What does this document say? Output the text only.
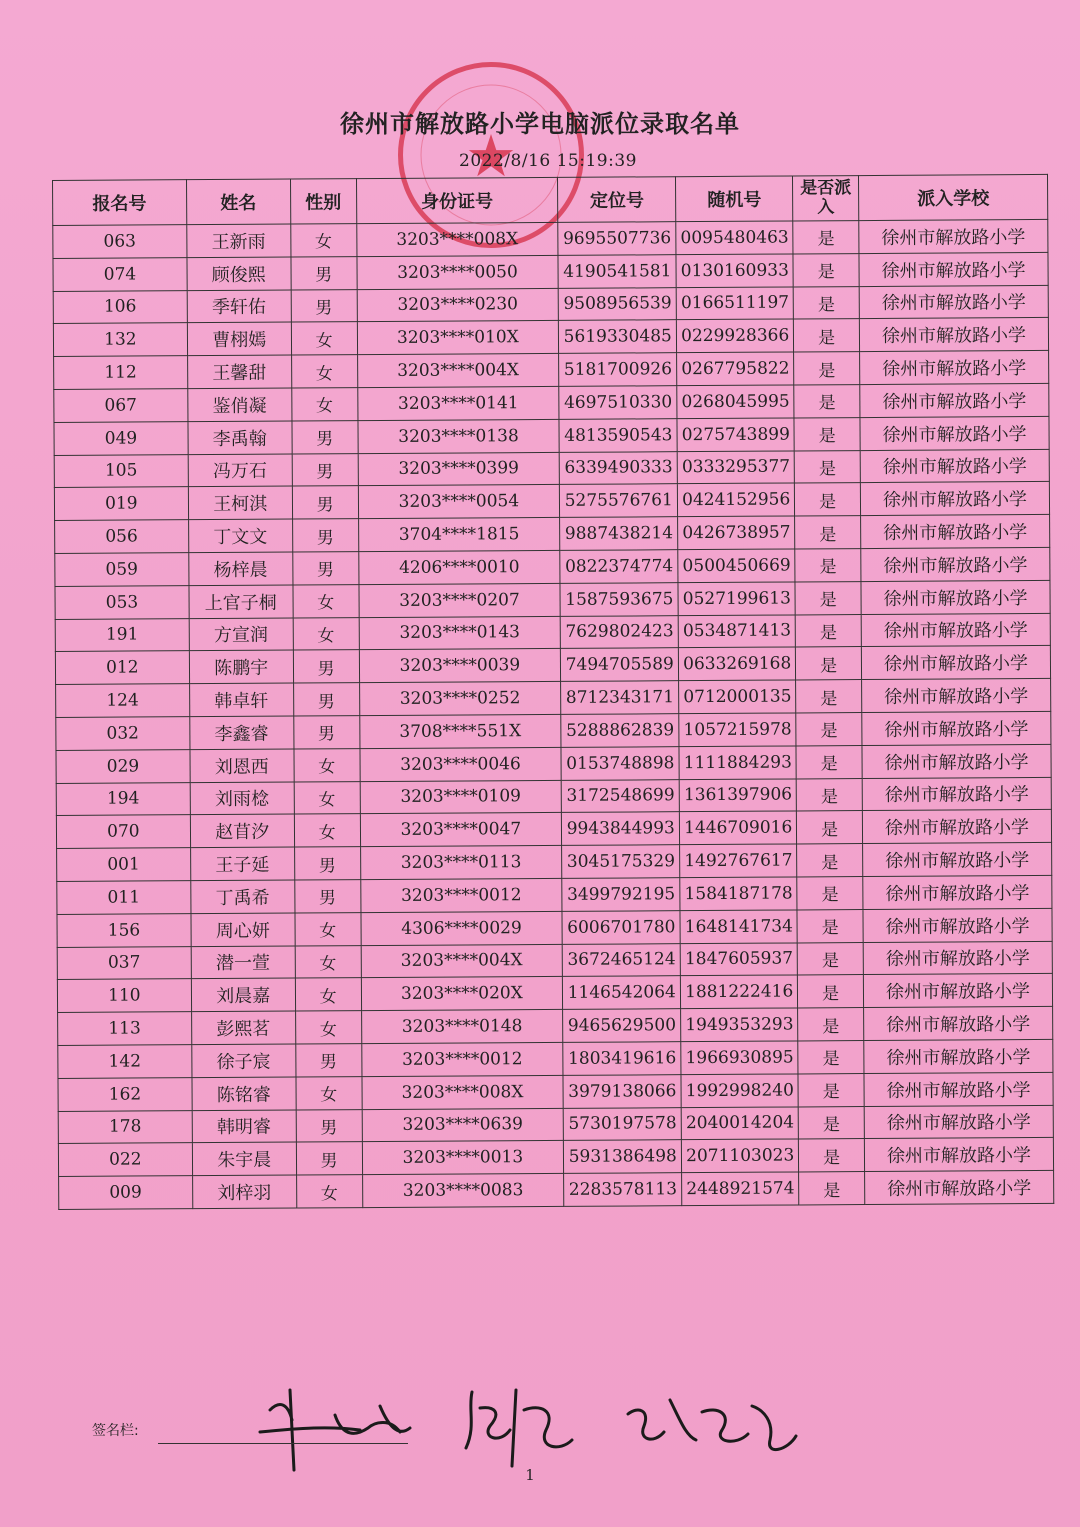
★
徐州市解放路小学电脑派位录取名单
2022/8/16 15:19:39
报名号	姓名	性别	身份证号	定位号	随机号	是否派入	派入学校
063	王新雨	女	3203****008X	9695507736	0095480463	是	徐州市解放路小学
074	顾俊熙	男	3203****0050	4190541581	0130160933	是	徐州市解放路小学
106	季轩佑	男	3203****0230	9508956539	0166511197	是	徐州市解放路小学
132	曹栩嫣	女	3203****010X	5619330485	0229928366	是	徐州市解放路小学
112	王馨甜	女	3203****004X	5181700926	0267795822	是	徐州市解放路小学
067	鉴俏凝	女	3203****0141	4697510330	0268045995	是	徐州市解放路小学
049	李禹翰	男	3203****0138	4813590543	0275743899	是	徐州市解放路小学
105	冯万石	男	3203****0399	6339490333	0333295377	是	徐州市解放路小学
019	王柯淇	男	3203****0054	5275576761	0424152956	是	徐州市解放路小学
056	丁文文	男	3704****1815	9887438214	0426738957	是	徐州市解放路小学
059	杨梓晨	男	4206****0010	0822374774	0500450669	是	徐州市解放路小学
053	上官子桐	女	3203****0207	1587593675	0527199613	是	徐州市解放路小学
191	方宣润	女	3203****0143	7629802423	0534871413	是	徐州市解放路小学
012	陈鹏宇	男	3203****0039	7494705589	0633269168	是	徐州市解放路小学
124	韩卓轩	男	3203****0252	8712343171	0712000135	是	徐州市解放路小学
032	李鑫睿	男	3708****551X	5288862839	1057215978	是	徐州市解放路小学
029	刘恩西	女	3203****0046	0153748898	1111884293	是	徐州市解放路小学
194	刘雨棯	女	3203****0109	3172548699	1361397906	是	徐州市解放路小学
070	赵苜汐	女	3203****0047	9943844993	1446709016	是	徐州市解放路小学
001	王子延	男	3203****0113	3045175329	1492767617	是	徐州市解放路小学
011	丁禹希	男	3203****0012	3499792195	1584187178	是	徐州市解放路小学
156	周心妍	女	4306****0029	6006701780	1648141734	是	徐州市解放路小学
037	潜一萱	女	3203****004X	3672465124	1847605937	是	徐州市解放路小学
110	刘晨嘉	女	3203****020X	1146542064	1881222416	是	徐州市解放路小学
113	彭熙茗	女	3203****0148	9465629500	1949353293	是	徐州市解放路小学
142	徐子宸	男	3203****0012	1803419616	1966930895	是	徐州市解放路小学
162	陈铭睿	女	3203****008X	3979138066	1992998240	是	徐州市解放路小学
178	韩明睿	男	3203****0639	5730197578	2040014204	是	徐州市解放路小学
022	朱宇晨	男	3203****0013	5931386498	2071103023	是	徐州市解放路小学
009	刘梓羽	女	3203****0083	2283578113	2448921574	是	徐州市解放路小学
签名栏:
1
